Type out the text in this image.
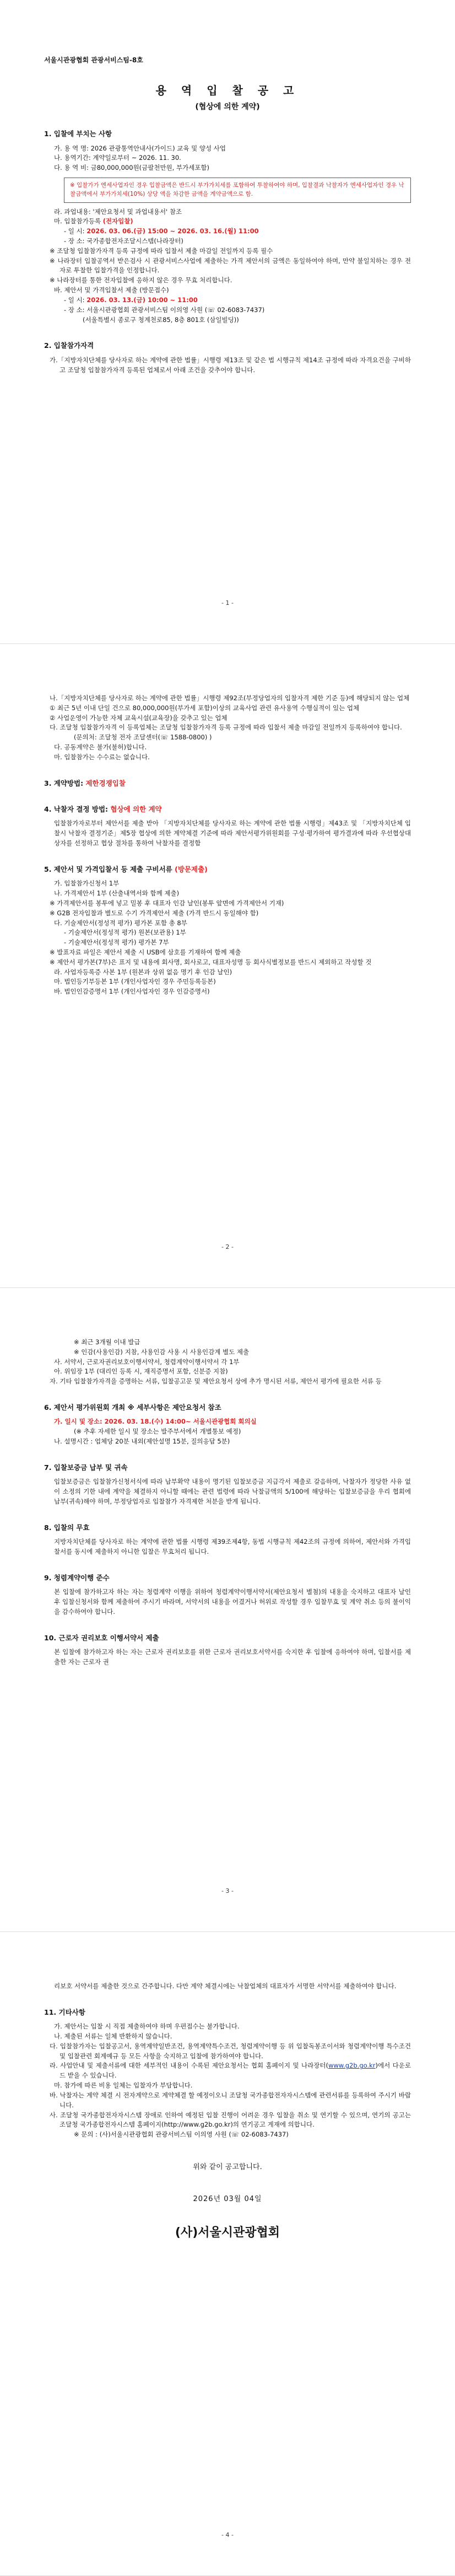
서울시관광협회 관광서비스팀-8호
용 역 입 찰 공 고
(협상에 의한 계약)
1. 입찰에 부치는 사항
가. 용 역 명: 2026 관광통역안내사(가이드) 교육 및 양성 사업
나. 용역기간: 계약일로부터 ~ 2026. 11. 30.
다. 용 역 비: 금80,000,000원(금팔천만원, 부가세포함)
※ 입찰가가 엔세사업자인 경우 입찰금액은 반드시 부가가치세를 포함하여 투찰하여야 하며, 입찰결과 낙찰자가 엔세사업자인 경우 낙찰금액에서 부가가치세(10%) 상당 액을 차감한 금액을 계약금액으로 함.
라. 과업내용: '제안요청서 및 과업내용서' 참조
마. 입찰참가등록 (전자입찰)
- 일 시: 2026. 03. 06.(금) 15:00 ~ 2026. 03. 16.(월) 11:00
- 장 소: 국가종합전자조달시스템(나라장터)
※ 조달청 입찰참가자격 등록 규정에 따라 입찰서 제출 마감일 전일까지 등록 필수
※ 나라장터 입찰공역서 받은검사 시 관광서비스사업에 제출하는 가격 제안서의 금액은 동일하여야 하며, 만약 불일치하는 경우 전자로 투찰한 입찰가격을 인정합니다.
※ 나라장터를 통한 전자입찰에 응하지 않은 경우 무효 처리합니다.
바. 제안서 및 가격입찰서 제출 (방문접수)
- 일 시: 2026. 03. 13.(금) 10:00 ~ 11:00
- 장 소: 서울시관광협회 관광서비스팀 이의영 사원 (☏ 02-6083-7437)
(서울특별시 종로구 청계천로85, 8층 801호 (삼일빌딩))
2. 입찰참가자격
가.「지방자치단체를 당사자로 하는 계약에 관한 법률」시행령 제13조 및 같은 법 시행규칙 제14조 규정에 따라 자격요건을 구비하고 조달청 입찰참가자격 등록된 업체로서 아래 조건을 갖추어야 합니다.
- 1 -
나.「지방자치단체를 당사자로 하는 계약에 관한 법률」시행령 제92조(부정당업자의 입찰자격 제한 기준 등)에 해당되지 않는 업체
① 최근 5년 이내 단일 건으로 80,000,000원(부가세 포함)이상의 교육사업 관련 유사용역 수행실적이 있는 업체
② 사업운영이 가능한 자체 교육시설(교육장)을 갖추고 있는 업체
다. 조달청 입찰참가자격 이 등록업체는 조달청 입찰참가자격 등록 규정에 따라 입찰서 제출 마감일 전일까지 등록하여야 합니다.
(문의처: 조달청 전자 조달센터(☏ 1588-0800) )
다. 공동계약은 불가(불허)합니다.
마. 입찰참가는 수수료는 없습니다.
3. 계약방법: 제한경쟁입찰
4. 낙찰자 결정 방법: 협상에 의한 계약
입찰참가자로부터 제안서를 제출 받아 「지방자치단체를 당사자로 하는 계약에 관한 법률 시행령」제43조 및 「지방자치단체 입찰시 낙찰자 결정기준」제5장 협상에 의한 계약체결 기준에 따라 제안서평가위원회를 구성·평가하여 평가결과에 따라 우선협상대상자를 선정하고 협상 절차를 통하여 낙찰자를 결정함
5. 제안서 및 가격입찰서 등 제출 구비서류 (방문제출)
가. 입찰참가신청서 1부
나. 가격제안서 1부 (산출내역서와 함께 제출)
※ 가격제안서를 봉투에 넣고 밀봉 후 대표자 인감 날인(봉투 앞면에 가격제안서 기재)
※ G2B 전자입찰과 별도로 수기 가격제안서 제출 (가격 반드시 동일해야 함)
다. 기술제안서(정성적 평가) 평가본 포함 총 8부
- 기술제안서(정성적 평가) 원본(보관용) 1부
- 기술제안서(정성적 평가) 평가본 7부
※ 발표자료 파일은 제안서 제출 시 USB에 삼호를 기재하여 함께 제출
※ 제안서 평가본(7부)은 표지 및 내용에 회사명, 회사로고, 대표자성명 등 회사식별정보를 반드시 제외하고 작성할 것
라. 사업자등록증 사본 1부 (원본과 상위 없음 명기 후 인감 날인)
마. 법인등기부등본 1부 (개인사업자인 경우 주민등록등본)
바. 법인인감증명서 1부 (개인사업자인 경우 인감증명서)
- 2 -
※ 최근 3개월 이내 발급
※ 인감(사용인감) 지참, 사용인감 사용 시 사용인감계 별도 제출
사. 서약서, 근로자권리보호이행서약서, 청렴계약이행서약서 각 1부
아. 위임장 1부 (대리인 등록 시, 재직증명서 포함, 신분증 지참)
자. 기타 입찰참가자격을 증명하는 서류, 입찰공고문 및 제안요청서 상에 추가 명시된 서류, 제안서 평가에 필요한 서류 등
6. 제안서 평가위원회 개최 ※ 세부사항은 제안요청서 참조
가. 일시 및 장소: 2026. 03. 18.(수) 14:00~ 서울시관광협회 회의실
(※ 추후 자세한 일시 및 장소는 발주부서에서 개별통보 예정)
나. 설명시간 : 업체당 20분 내외(제안설명 15분, 질의응답 5분)
7. 입찰보증금 납부 및 귀속
입찰보증금은 입찰참가신청서식에 따라 납부확약 내용이 명기된 입찰보증금 지급각서 제출로 갈음하며, 낙찰자가 정당한 사유 없이 소정의 기한 내에 계약을 체결하지 아니할 때에는 관련 법령에 따라 낙찰금액의 5/100에 해당하는 입찰보증금을 우리 협회에 납부(귀속)해야 하며, 부정당업자로 입찰참가 자격제한 처분을 받게 됩니다.
8. 입찰의 무효
지방자치단체를 당사자로 하는 계약에 관한 법률 시행령 제39조제4항, 동법 시행규칙 제42조의 규정에 의하여, 제안서와 가격입찰서를 동시에 제출하지 아니한 입찰은 무효처리 됩니다.
9. 청렴계약이행 준수
본 입찰에 참가하고자 하는 자는 청렴계약 이행을 위하여 청렴계약이행서약서(제안요청서 별첨)의 내용을 숙지하고 대표자 날인 후 입찰신청서와 함께 제출하여 주시기 바라며, 서약서의 내용을 어겼거나 허위로 작성할 경우 입찰무효 및 계약 취소 등의 불이익을 감수하여야 합니다.
10. 근로자 권리보호 이행서약서 제출
본 입찰에 참가하고자 하는 자는 근로자 권리보호를 위한 근로자 권리보호서약서를 숙지한 후 입찰에 응하여야 하며, 입찰서를 제출한 자는 근로자 권
- 3 -
리보호 서약서를 제출한 것으로 간주합니다. 다만 계약 체결시에는 낙찰업체의 대표자가 서명한 서약서를 제출하여야 합니다.
11. 기타사항
가. 제안서는 입찰 시 직접 제출하여야 하며 우편접수는 불가합니다.
나. 제출된 서류는 일체 반환하지 않습니다.
다. 입찰참가자는 입찰공고서, 용역계약일반조건, 용역계약특수조건, 청렴계약이행 등 위 입찰독봉조이서와 청렴계약이행 특수조건 및 입찰관련 회계예규 등 모든 사항을 숙지하고 입찰에 참가하여야 합니다.
라. 사업안내 및 제출서류에 대한 세부적인 내용이 수록된 제안요청서는 협회 홈페이지 및 나라장터(www.g2b.go.kr)에서 다운로드 받을 수 있습니다.
마. 참가에 따른 비용 일체는 입찰자가 부담합니다.
바. 낙찰자는 계약 체결 시 전자계약으로 계약체결 할 예정이오니 조달청 국가종합전자자시스템에 관련서류를 등록하여 주시기 바랍니다.
사. 조달청 국가종합전자자시스템 장애로 인하여 예정된 입찰 진행이 어려운 경우 입찰을 취소 및 연기할 수 있으며, 연기의 공고는 조달청 국가종합전자시스템 홈페이지(http://www.g2b.go.kr)의 연기공고 게재에 의합니다.
※ 문의 : (사)서울시관광협회 관광서비스팀 이의영 사원 (☏ 02-6083-7437)
위와 같이 공고합니다.
2026년 03월 04일
(사)서울시관광협회
- 4 -
